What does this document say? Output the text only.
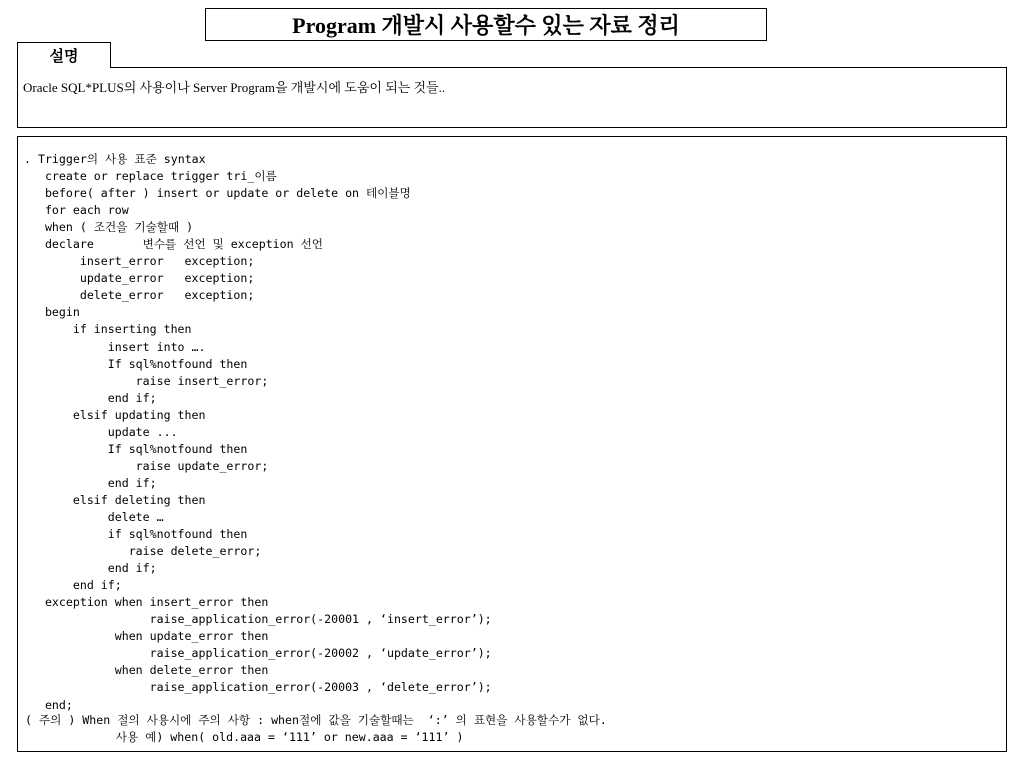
Program 개발시 사용할수 있는 자료 정리
설명
Oracle SQL*PLUS의 사용이나 Server Program을 개발시에 도움이 되는 것들..
. Trigger의 사용 표준 syntax
create or replace trigger tri_이름
before( after ) insert or update or delete on 테이블명
for each row
when ( 조건을 기술할때 )
declare       변수를 선언 및 exception 선언
insert_error   exception;
update_error   exception;
delete_error   exception;
begin
if inserting then
insert into ….
If sql%notfound then
raise insert_error;
end if;
elsif updating then
update ...
If sql%notfound then
raise update_error;
end if;
elsif deleting then
delete …
if sql%notfound then
raise delete_error;
end if;
end if;
exception when insert_error then
raise_application_error(-20001 , ‘insert_error’);
when update_error then
raise_application_error(-20002 , ‘update_error’);
when delete_error then
raise_application_error(-20003 , ‘delete_error’);
end;
( 주의 ) When 절의 사용시에 주의 사항 : when절에 값을 기술할때는  ‘:’ 의 표현을 사용할수가 없다.
사용 예) when( old.aaa = ‘111’ or new.aaa = ‘111’ )
